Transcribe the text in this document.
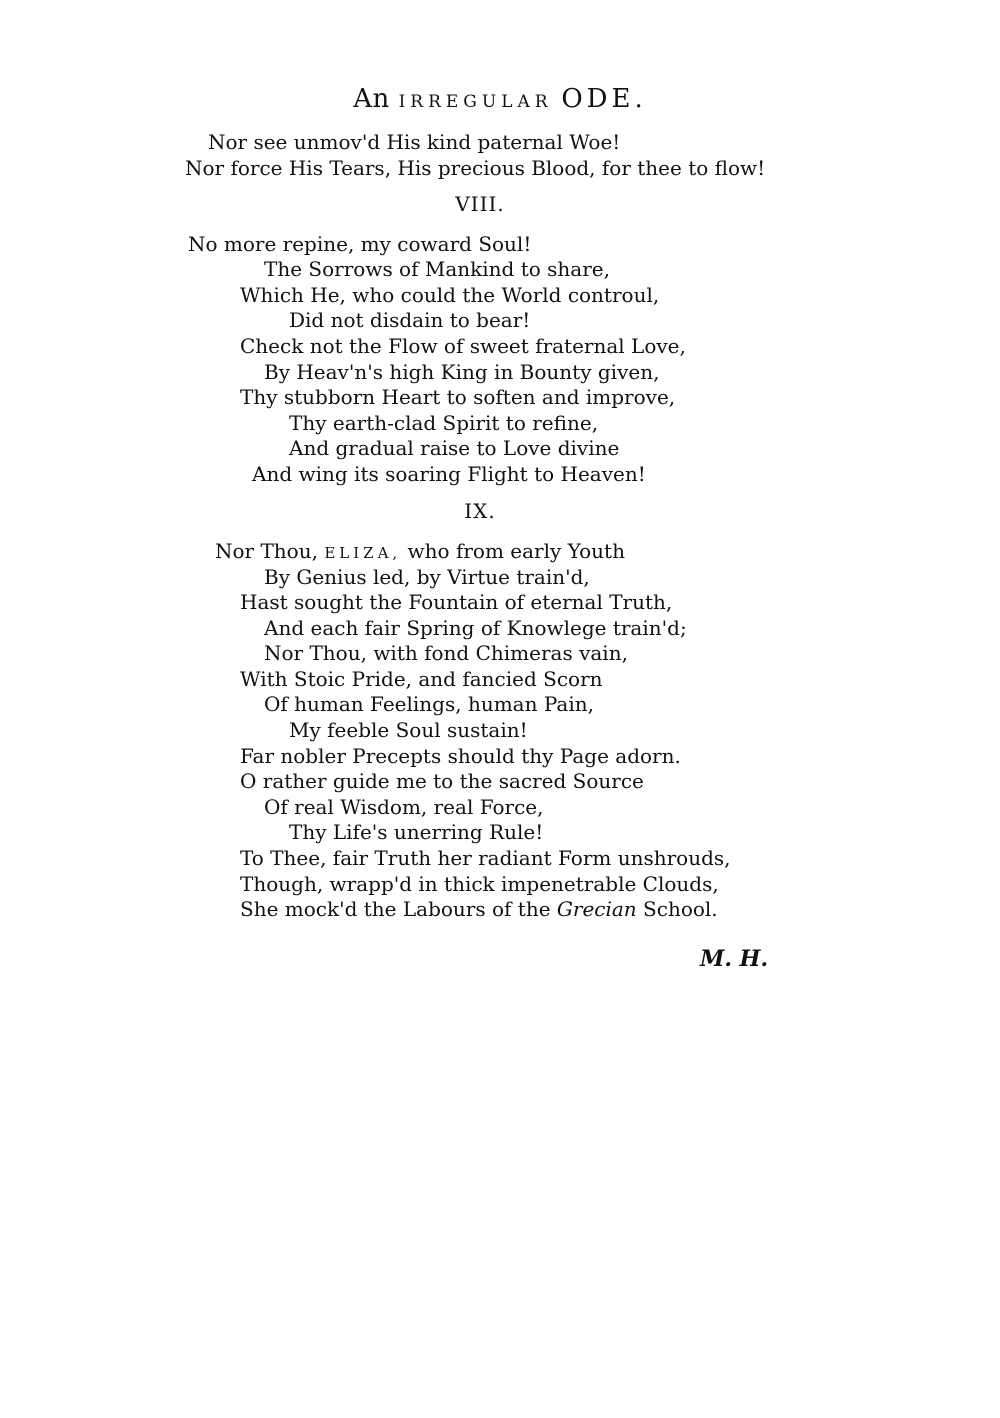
An IRREGULAR ODE.
Nor see unmov'd His kind paternal Woe!
Nor force His Tears, His precious Blood, for thee to flow!
VIII.
No more repine, my coward Soul!
The Sorrows of Mankind to share,
Which He, who could the World controul,
Did not disdain to bear!
Check not the Flow of sweet fraternal Love,
By Heav'n's high King in Bounty given,
Thy stubborn Heart to soften and improve,
Thy earth-clad Spirit to refine,
And gradual raise to Love divine
And wing its soaring Flight to Heaven!
IX.
Nor Thou, ELIZA, who from early Youth
By Genius led, by Virtue train'd,
Hast sought the Fountain of eternal Truth,
And each fair Spring of Knowlege train'd;
Nor Thou, with fond Chimeras vain,
With Stoic Pride, and fancied Scorn
Of human Feelings, human Pain,
My feeble Soul sustain!
Far nobler Precepts should thy Page adorn.
O rather guide me to the sacred Source
Of real Wisdom, real Force,
Thy Life's unerring Rule!
To Thee, fair Truth her radiant Form unshrouds,
Though, wrapp'd in thick impenetrable Clouds,
She mock'd the Labours of the Grecian School.
M. H.
